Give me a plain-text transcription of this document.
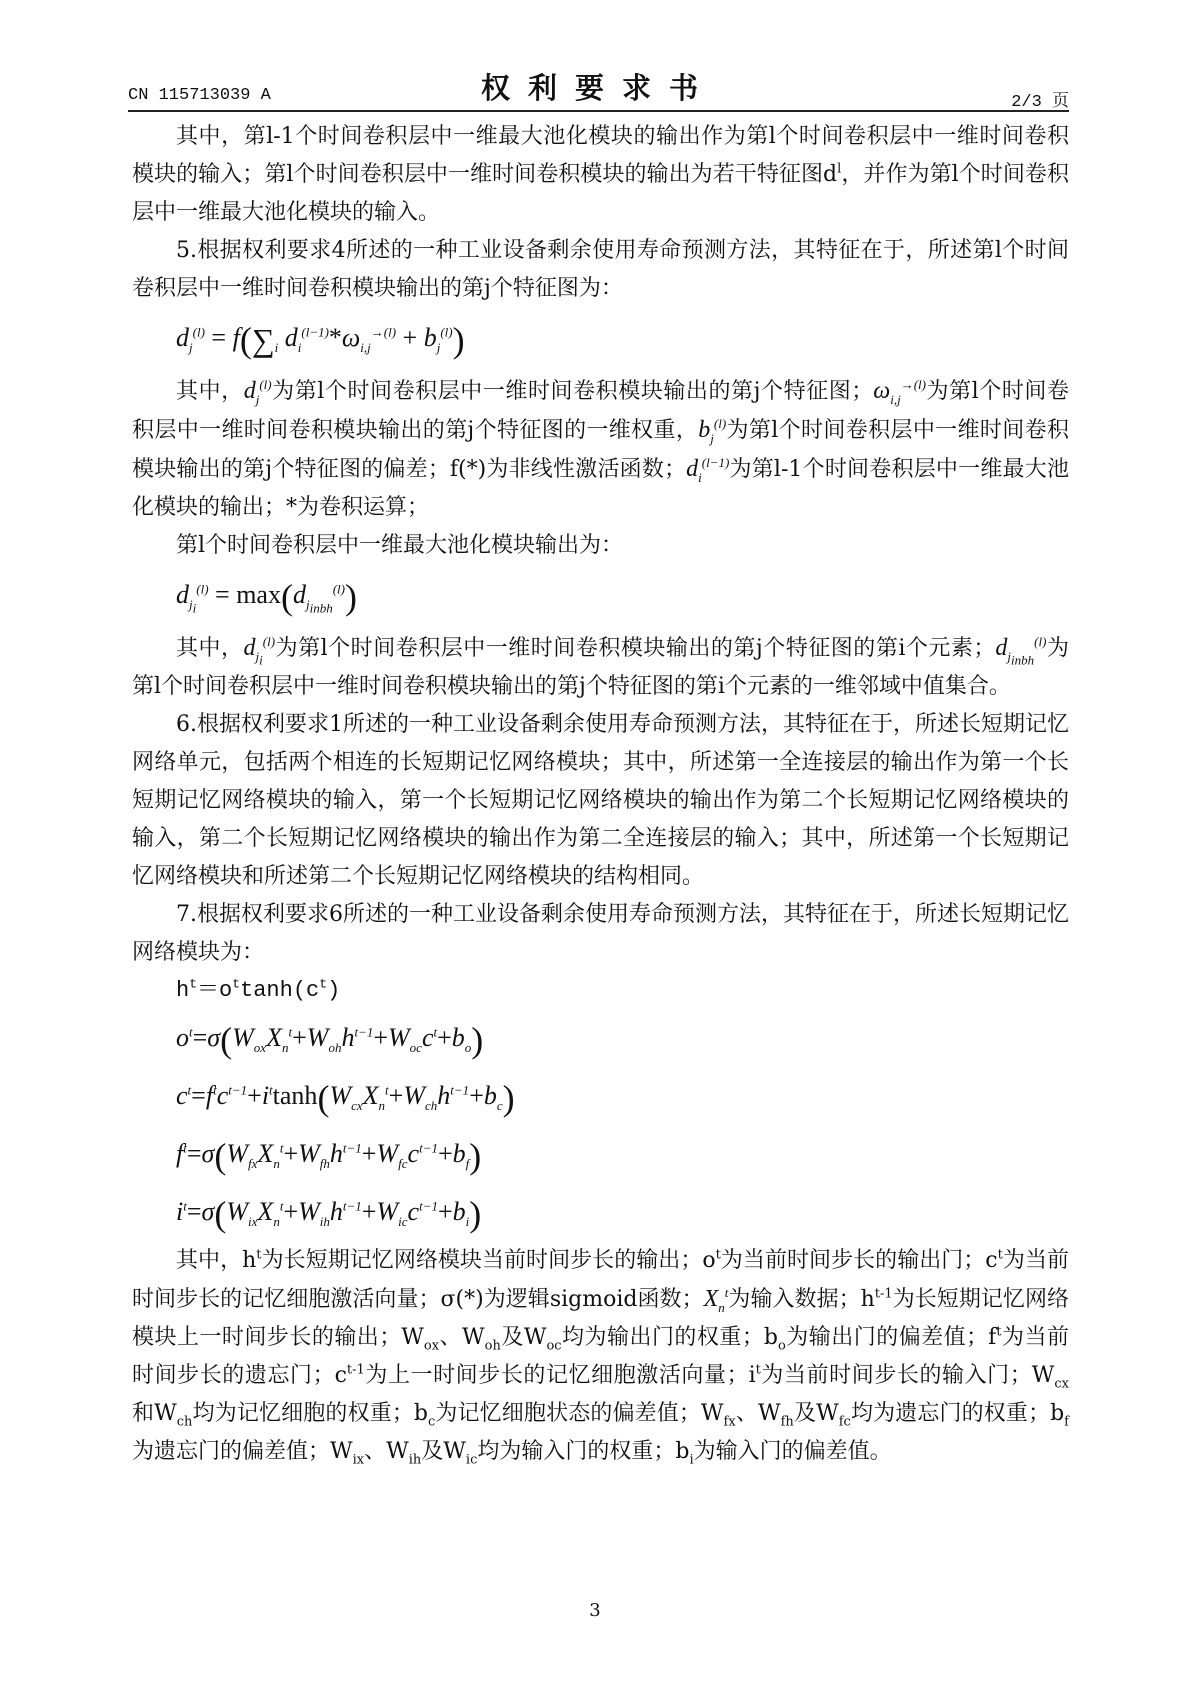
CN 115713039 A	权利要求书	2/3 页

其中，第l-1个时间卷积层中一维最大池化模块的输出作为第l个时间卷积层中一维时间卷积模块的输入；第l个时间卷积层中一维时间卷积模块的输出为若干特征图$d^l$，并作为第l个时间卷积层中一维最大池化模块的输入。

5.根据权利要求4所述的一种工业设备剩余使用寿命预测方法，其特征在于，所述第l个时间卷积层中一维时间卷积模块输出的第j个特征图为：

$d_j^{(l)} = f(\sum_i$ $d_i^{(l-1)}*\omega_{i,j}^{\to(l)} + b_j^{(l)}$)

其中，$d_j^{(l)}$为第l个时间卷积层中一维时间卷积模块输出的第j个特征图；$\omega_{i,j}^{\to(l)}$为第l个时间卷积层中一维时间卷积模块输出的第j个特征图的一维权重，$b_j^{(l)}$为第l个时间卷积层中一维时间卷积模块输出的第j个特征图的偏差；f(*)为非线性激活函数；$d_i^{(l-1)}$为第l-1个时间卷积层中一维最大池化模块的输出；*为卷积运算；

第l个时间卷积层中一维最大池化模块输出为：

$d_{j_i}^{(l)} = \max(d_{j_{inbh}}^{(l)})$

其中，$d_{j_i}^{(l)}$为第l个时间卷积层中一维时间卷积模块输出的第j个特征图的第i个元素；$d_{j_{inbh}}^{(l)}$为第l个时间卷积层中一维时间卷积模块输出的第j个特征图的第i个元素的一维邻域中值集合。

6.根据权利要求1所述的一种工业设备剩余使用寿命预测方法，其特征在于，所述长短期记忆网络单元，包括两个相连的长短期记忆网络模块；其中，所述第一全连接层的输出作为第一个长短期记忆网络模块的输入，第一个长短期记忆网络模块的输出作为第二个长短期记忆网络模块的输入，第二个长短期记忆网络模块的输出作为第二全连接层的输入；其中，所述第一个长短期记忆网络模块和所述第二个长短期记忆网络模块的结构相同。

7.根据权利要求6所述的一种工业设备剩余使用寿命预测方法，其特征在于，所述长短期记忆网络模块为：

$h^t=o^t\tanh(c^t)$
$o^t=\sigma(W_{ox}X_n^t+W_{oh}h^{t-1}+W_{oc}c^t+b_o)$
$c^t=f^tc^{t-1}+i^t\tanh(W_{cx}X_n^t+W_{ch}h^{t-1}+b_c)$
$f^t=\sigma(W_{fx}X_n^t+W_{fh}h^{t-1}+W_{fc}c^{t-1}+b_f)$
$i^t=\sigma(W_{ix}X_n^t+W_{ih}h^{t-1}+W_{ic}c^{t-1}+b_i)$

其中，$h^t$为长短期记忆网络模块当前时间步长的输出；$o^t$为当前时间步长的输出门；$c^t$为当前时间步长的记忆细胞激活向量；σ(*)为逻辑sigmoid函数；$X_n^t$为输入数据；$h^{t-1}$为长短期记忆网络模块上一时间步长的输出；$W_{ox}$、$W_{oh}$及$W_{oc}$均为输出门的权重；$b_o$为输出门的偏差值；$f^t$为当前时间步长的遗忘门；$c^{t-1}$为上一时间步长的记忆细胞激活向量；$i^t$为当前时间步长的输入门；$W_{cx}$和$W_{ch}$均为记忆细胞的权重；$b_c$为记忆细胞状态的偏差值；$W_{fx}$、$W_{fh}$及$W_{fc}$均为遗忘门的权重；$b_f$为遗忘门的偏差值；$W_{ix}$、$W_{ih}$及$W_{ic}$均为输入门的权重；$b_i$为输入门的偏差值。

3
